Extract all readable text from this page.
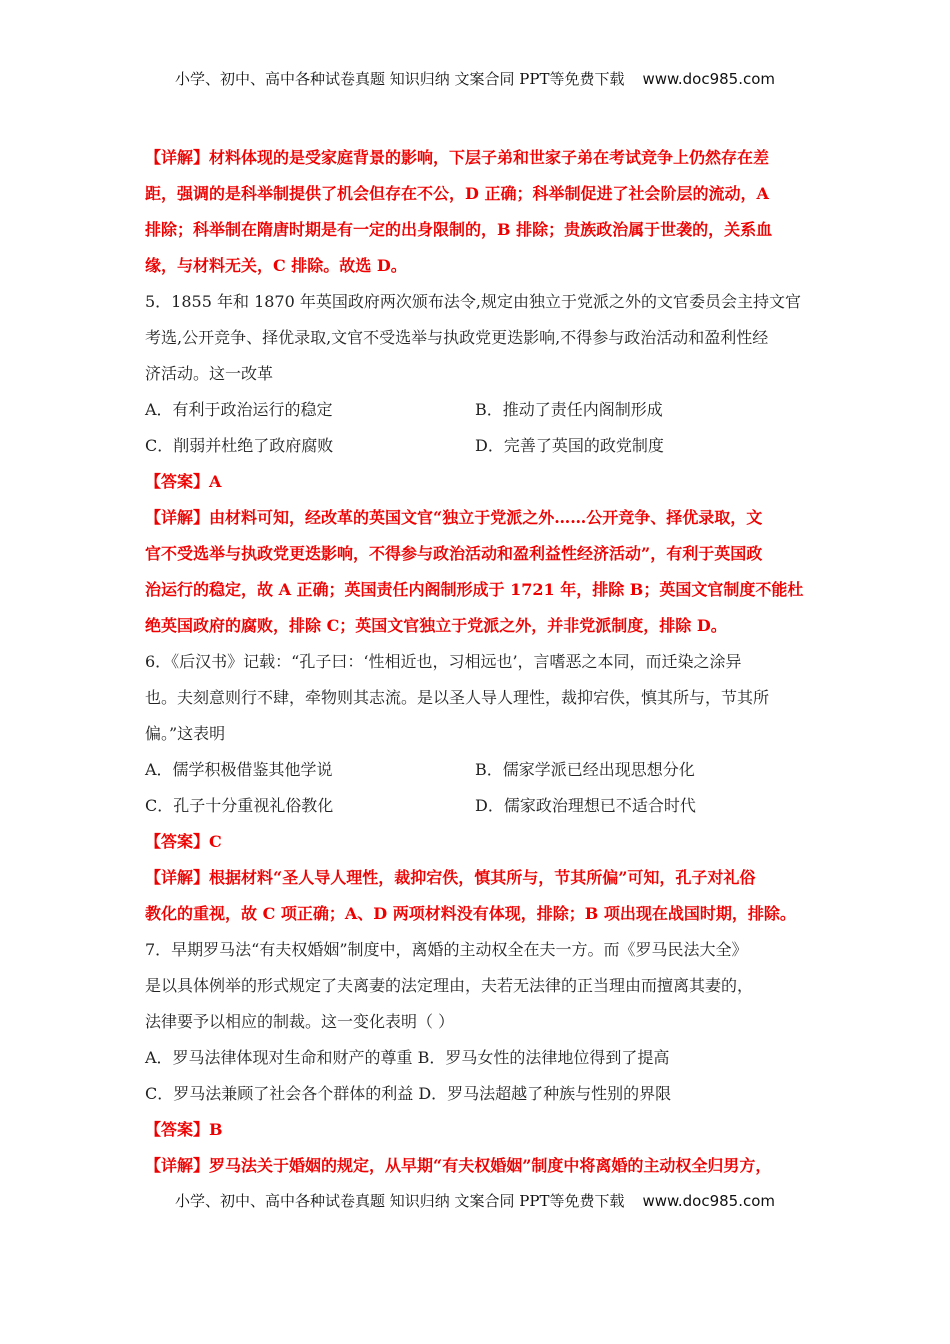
小学、初中、高中各种试卷真题 知识归纳 文案合同 PPT等免费下载 www.doc985.com
【详解】材料体现的是受家庭背景的影响，下层子弟和世家子弟在考试竞争上仍然存在差
距，强调的是科举制提供了机会但存在不公，D 正确；科举制促进了社会阶层的流动，A
排除；科举制在隋唐时期是有一定的出身限制的，B 排除；贵族政治属于世袭的，关系血
缘，与材料无关，C 排除。故选 D。
5．1855 年和 1870 年英国政府两次颁布法令,规定由独立于党派之外的文官委员会主持文官
考选,公开竞争、择优录取,文官不受选举与执政党更迭影响,不得参与政治活动和盈利性经
济活动。这一改革
A．有利于政治运行的稳定	B．推动了责任内阁制形成
C．削弱并杜绝了政府腐败	D．完善了英国的政党制度
【答案】A
【详解】由材料可知，经改革的英国文官“独立于党派之外……公开竞争、择优录取，文
官不受选举与执政党更迭影响，不得参与政治活动和盈利益性经济活动”，有利于英国政
治运行的稳定，故 A 正确；英国责任内阁制形成于 1721 年，排除 B；英国文官制度不能杜
绝英国政府的腐败，排除 C；英国文官独立于党派之外，并非党派制度，排除 D。
6．《后汉书》记载：“孔子曰：‘性相近也，习相远也’，言嗜恶之本同，而迁染之涂异
也。夫刻意则行不肆，牵物则其志流。是以圣人导人理性，裁抑宕佚，慎其所与，节其所
偏。”这表明
A．儒学积极借鉴其他学说	B．儒家学派已经出现思想分化
C．孔子十分重视礼俗教化	D．儒家政治理想已不适合时代
【答案】C
【详解】根据材料“圣人导人理性，裁抑宕佚，慎其所与，节其所偏”可知，孔子对礼俗
教化的重视，故 C 项正确；A、D 两项材料没有体现，排除；B 项出现在战国时期，排除。
7．早期罗马法“有夫权婚姻”制度中，离婚的主动权全在夫一方。而《罗马民法大全》
是以具体例举的形式规定了夫离妻的法定理由，夫若无法律的正当理由而擅离其妻的，
法律要予以相应的制裁。这一变化表明（ ）
A．罗马法律体现对生命和财产的尊重 B．罗马女性的法律地位得到了提高
C．罗马法兼顾了社会各个群体的利益 D．罗马法超越了种族与性别的界限
【答案】B
【详解】罗马法关于婚姻的规定，从早期“有夫权婚姻”制度中将离婚的主动权全归男方，
小学、初中、高中各种试卷真题 知识归纳 文案合同 PPT等免费下载 www.doc985.com
